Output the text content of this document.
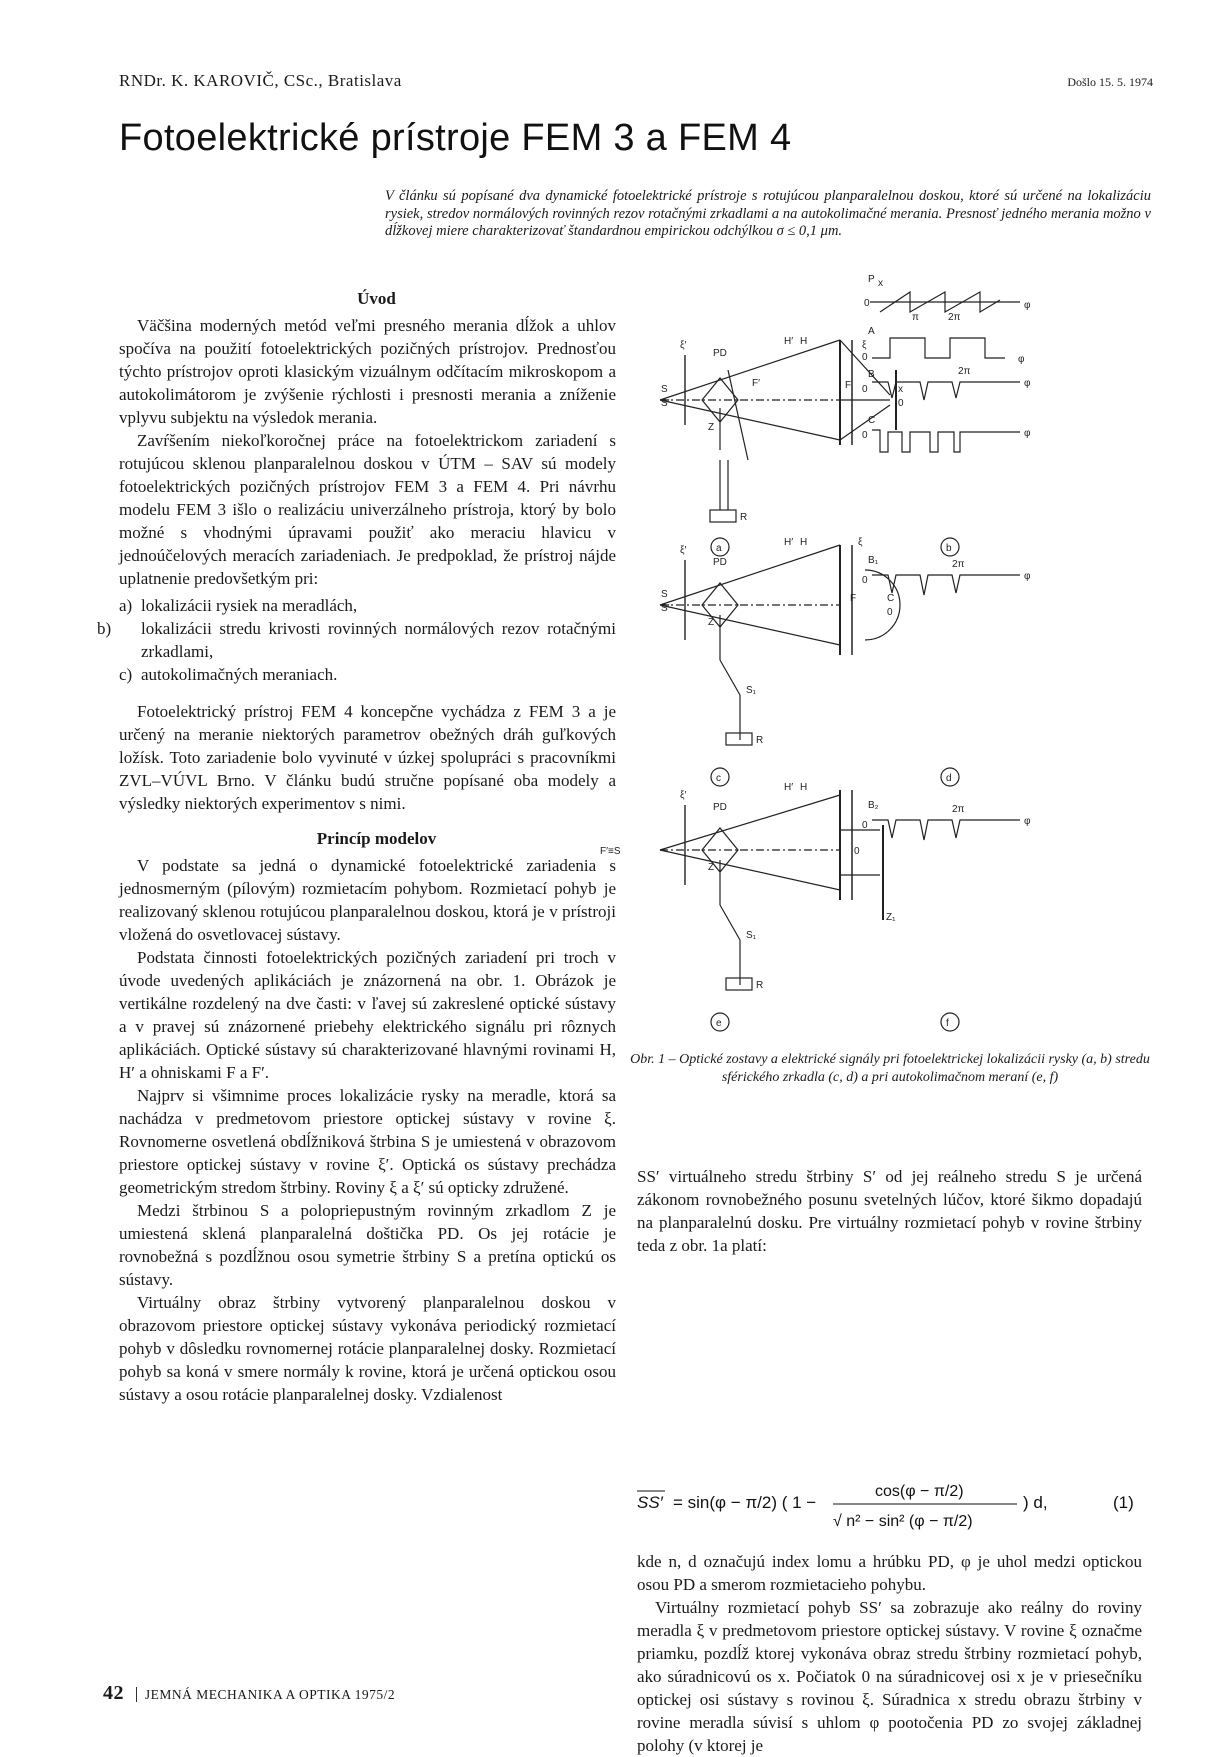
RNDr. K. KAROVIČ, CSc., Bratislava	Došlo 15. 5. 1974
Fotoelektrické prístroje FEM 3 a FEM 4
V článku sú popísané dva dynamické fotoelektrické prístroje s rotujúcou planparalelnou doskou, ktoré sú určené na lokalizáciu rysiek, stredov normálových rovinných rezov rotačnými zrkadlami a na autokolimačné merania. Presnosť jedného merania možno v dĺžkovej miere charakterizovať štandardnou empirickou odchýlkou σ ≤ 0,1 μm.

Úvod

Väčšina moderných metód veľmi presného merania dĺžok a uhlov spočíva na použití fotoelektrických pozičných prístrojov. Prednosťou týchto prístrojov oproti klasickým vizuálnym odčítacím mikroskopom a autokolimátorom je zvýšenie rýchlosti i presnosti merania a zníženie vplyvu subjektu na výsledok merania.

Zavŕšením niekoľkoročnej práce na fotoelektrickom zariadení s rotujúcou sklenou planparalelnou doskou v ÚTM – SAV sú modely fotoelektrických pozičných prístrojov FEM 3 a FEM 4. Pri návrhu modelu FEM 3 išlo o realizáciu univerzálneho prístroja, ktorý by bolo možné s vhodnými úpravami použiť ako meraciu hlavicu v jednoúčelových meracích zariadeniach. Je predpoklad, že prístroj nájde uplatnenie predovšetkým pri:

a) lokalizácii rysiek na meradlách,
b) lokalizácii stredu krivosti rovinných normálových rezov rotačnými zrkadlami,
c) autokolimačných meraniach.

Fotoelektrický prístroj FEM 4 koncepčne vychádza z FEM 3 a je určený na meranie niektorých parametrov obežných dráh guľkových ložísk. Toto zariadenie bolo vyvinuté v úzkej spolupráci s pracovníkmi ZVL–VÚVL Brno. V článku budú stručne popísané oba modely a výsledky niektorých experimentov s nimi.

Princíp modelov

V podstate sa jedná o dynamické fotoelektrické zariadenia s jednosmerným (pílovým) rozmietacím pohybom. Rozmietací pohyb je realizovaný sklenou rotujúcou planparalelnou doskou, ktorá je v prístroji vložená do osvetlovacej sústavy.

Podstata činnosti fotoelektrických pozičných zariadení pri troch v úvode uvedených aplikáciách je znázornená na obr. 1. Obrázok je vertikálne rozdelený na dve časti: v ľavej sú zakreslené optické sústavy a v pravej sú znázornené priebehy elektrického signálu pri rôznych aplikáciách. Optické sústavy sú charakterizované hlavnými rovinami H, H′ a ohniskami F a F′.

Najprv si všimnime proces lokalizácie rysky na meradle, ktorá sa nachádza v predmetovom priestore optickej sústavy v rovine ξ. Rovnomerne osvetlená obdĺžniková štrbina S je umiestená v obrazovom priestore optickej sústavy v rovine ξ′. Optická os sústavy prechádza geometrickým stredom štrbiny. Roviny ξ a ξ′ sú opticky združené.

Medzi štrbinou S a polopriepustným rovinným zrkadlom Z je umiestená sklená planparalelná doštička PD. Os jej rotácie je rovnobežná s pozdĺžnou osou symetrie štrbiny S a pretína optickú os sústavy.

Virtuálny obraz štrbiny vytvorený planparalelnou doskou v obrazovom priestore optickej sústavy vykonáva periodický rozmietací pohyb v dôsledku rovnomernej rotácie planparalelnej dosky. Rozmietací pohyb sa koná v smere normály k rovine, ktorá je určená optickou osou sústavy a osou rotácie planparalelnej dosky. Vzdialenost

a
ξ′
PD
H′ H	ξ
S
S′
F′	F	x
0
Z
R
P x
0
π	2π
φ
A
0	φ
B
0
2π
φ
C
0	φ
b
c
ξ′
PD
H′ H	ξ
S
S′
F	C
0
Z
S₁
R
B₁
0
2π
φ
d
e
ξ′
PD
H′ H
F′≡S	0
Z
Z₁
S₁
R
B₂
0
2π
φ
f
Obr. 1 – Optické zostavy a elektrické signály pri fotoelektrickej lokalizácii rysky (a, b) stredu sférického zrkadla (c, d) a pri autokolimačnom meraní (e, f)

SS′ virtuálneho stredu štrbiny S′ od jej reálneho stredu S je určená zákonom rovnobežného posunu svetelných lúčov, ktoré šikmo dopadajú na planparalelnú dosku. Pre virtuálny rozmietací pohyb v rovine štrbiny teda z obr. 1a platí:

SS′ = sin(φ − π/2) ( 1 −
cos(φ − π/2)
√ n² − sin² (φ − π/2)
) d,	(1)

kde n, d označujú index lomu a hrúbku PD, φ je uhol medzi optickou osou PD a smerom rozmietacieho pohybu.

Virtuálny rozmietací pohyb SS′ sa zobrazuje ako reálny do roviny meradla ξ v predmetovom priestore optickej sústavy. V rovine ξ označme priamku, pozdĺž ktorej vykonáva obraz stredu štrbiny rozmietací pohyb, ako súradnicovú os x. Počiatok 0 na súradnicovej osi x je v priesečníku optickej osi sústavy s rovinou ξ. Súradnica x stredu obrazu štrbiny v rovine meradla súvisí s uhlom φ pootočenia PD zo svojej základnej polohy (v ktorej je

42 JEMNÁ MECHANIKA A OPTIKA 1975/2
